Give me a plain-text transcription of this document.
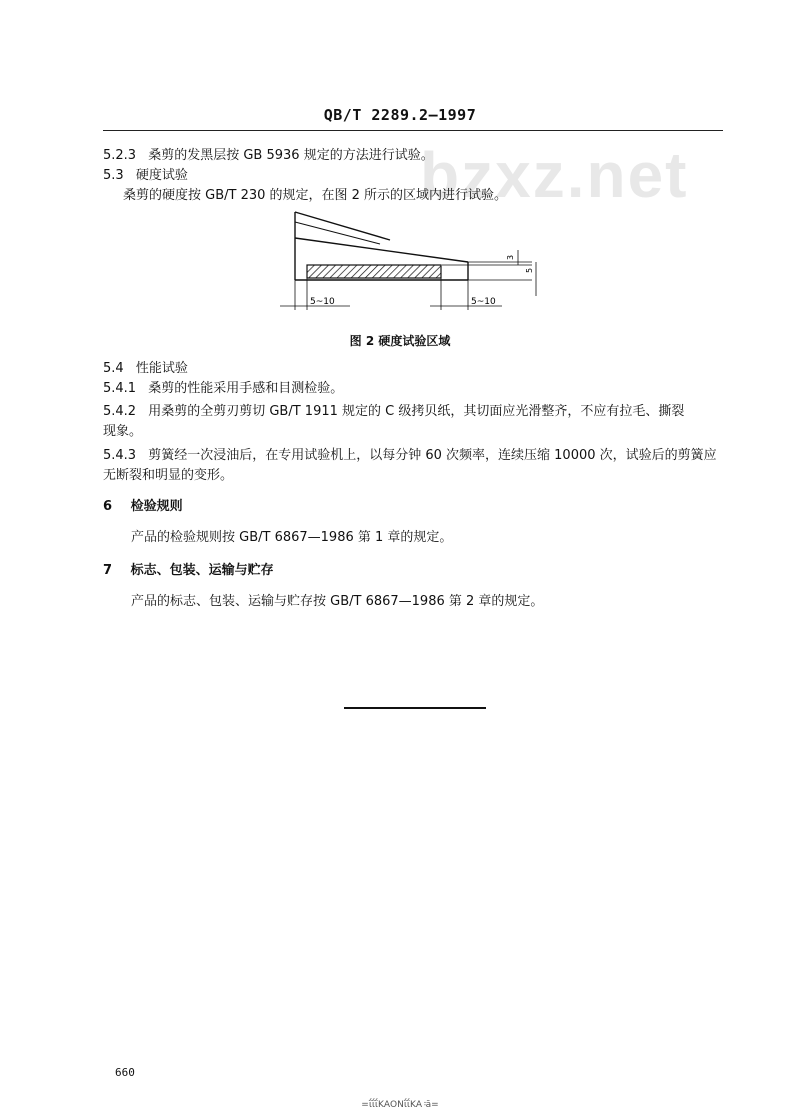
QB/T 2289.2—1997
bzxz.net
5.2.3 桑剪的发黑层按 GB 5936 规定的方法进行试验。
5.3 硬度试验
桑剪的硬度按 GB/T 230 的规定，在图 2 所示的区域内进行试验。
3
5
5~10	5~10
图 2 硬度试验区域
5.4 性能试验
5.4.1 桑剪的性能采用手感和目测检验。
5.4.2 用桑剪的全剪刃剪切 GB/T 1911 规定的 C 级拷贝纸，其切面应光滑整齐，不应有拉毛、撕裂
现象。
5.4.3 剪簧经一次浸油后，在专用试验机上，以每分钟 60 次频率，连续压缩 10000 次，试验后的剪簧应
无断裂和明显的变形。
6 检验规则
产品的检验规则按 GB/T 6867—1986 第 1 章的规定。
7 标志、包装、运输与贮存
产品的标志、包装、运输与贮存按 GB/T 6867—1986 第 2 章的规定。
660
=ΐΐΐKΑΟΝΐΐΚΑ᠄ā=
